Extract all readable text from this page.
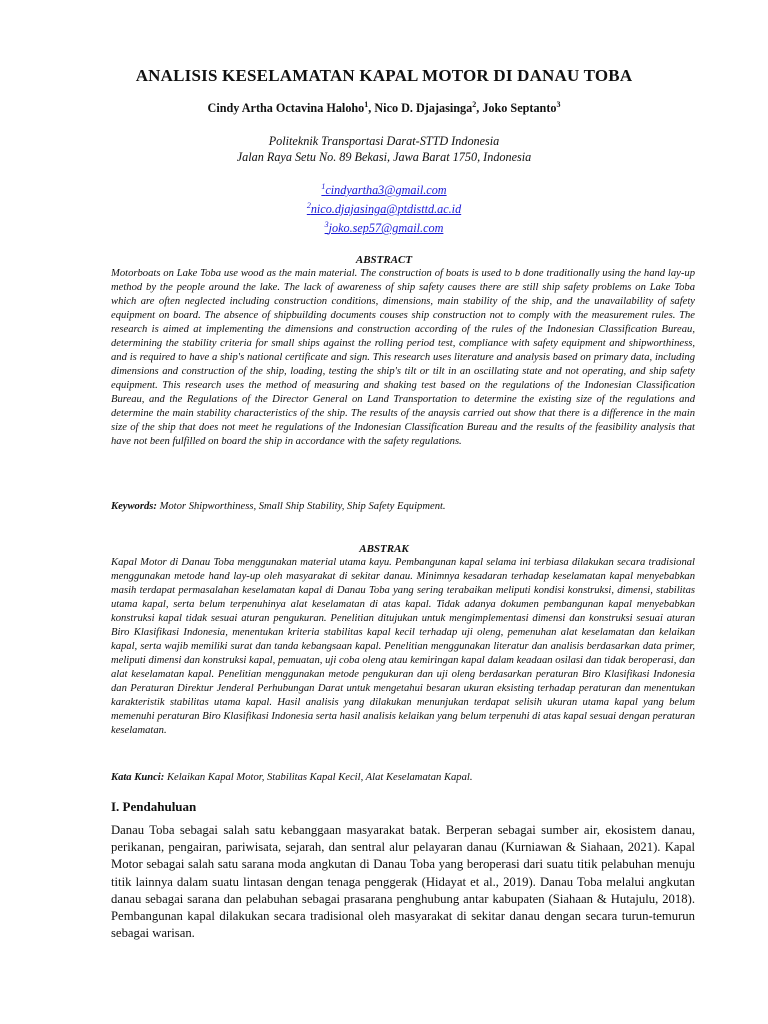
ANALISIS KESELAMATAN KAPAL MOTOR DI DANAU TOBA
Cindy Artha Octavina Haloho$^1$, Nico D. Djajasinga$^2$, Joko Septanto$^3$
Politeknik Transportasi Darat-STTD Indonesia
Jalan Raya Setu No. 89 Bekasi, Jawa Barat 1750, Indonesia
$^1$cindyartha3@gmail.com
$^2$nico.djajasinga@ptdisttd.ac.id
$^3$joko.sep57@gmail.com
ABSTRACT
Motorboats on Lake Toba use wood as the main material. The construction of boats is used to b done traditionally using the hand lay-up method by the people around the lake. The lack of awareness of ship safety causes there are still ship safety problems on Lake Toba which are often neglected including construction conditions, dimensions, main stability of the ship, and the unavailability of safety equipment on board. The absence of shipbuilding documents couses ship construction not to comply with the measurement rules. The research is aimed at implementing the dimensions and construction according of the rules of the Indonesian Classification Bureau, determining the stability criteria for small ships against the rolling period test, compliance with safety equipment and shipworthiness, and is required to have a ship's national certificate and sign. This research uses literature and analysis based on primary data, including dimensions and construction of the ship, loading, testing the ship's tilt or tilt in an oscillating state and not operating, and ship safety equipment. This research uses the method of measuring and shaking test based on the regulations of the Indonesian Classification Bureau, and the Regulations of the Director General on Land Transportation to determine the existing size of the regulations and determine the main stability characteristics of the ship. The results of the anaysis carried out show that there is a difference in the main size of the ship that does not meet he regulations of the Indonesian Classification Bureau and the results of the feasibility analysis that have not been fulfilled on board the ship in accordance with the safety regulations.
Keywords: Motor Shipworthiness, Small Ship Stability, Ship Safety Equipment.
ABSTRAK
Kapal Motor di Danau Toba menggunakan material utama kayu. Pembangunan kapal selama ini terbiasa dilakukan secara tradisional menggunakan metode hand lay-up oleh masyarakat di sekitar danau. Minimnya kesadaran terhadap keselamatan kapal menyebabkan masih terdapat permasalahan keselamatan kapal di Danau Toba yang sering terabaikan meliputi kondisi konstruksi, dimensi, stabilitas utama kapal, serta belum terpenuhinya alat keselamatan di atas kapal. Tidak adanya dokumen pembangunan kapal menyebabkan konstruksi kapal tidak sesuai aturan pengukuran. Penelitian ditujukan untuk mengimplementasi dimensi dan konstruksi sesuai aturan Biro Klasifikasi Indonesia, menentukan kriteria stabilitas kapal kecil terhadap uji oleng, pemenuhan alat keselamatan dan kelaikan kapal, serta wajib memiliki surat dan tanda kebangsaan kapal. Penelitian menggunakan literatur dan analisis berdasarkan data primer, meliputi dimensi dan konstruksi kapal, pemuatan, uji coba oleng atau kemiringan kapal dalam keadaan osilasi dan tidak beroperasi, dan alat keselamatan kapal. Penelitian menggunakan metode pengukuran dan uji oleng berdasarkan peraturan Biro Klasifikasi Indonesia dan Peraturan Direktur Jenderal Perhubungan Darat untuk mengetahui besaran ukuran eksisting terhadap peraturan dan menentukan karakteristik stabilitas utama kapal. Hasil analisis yang dilakukan menunjukan terdapat selisih ukuran utama kapal yang belum memenuhi peraturan Biro Klasifikasi Indonesia serta hasil analisis kelaikan yang belum terpenuhi di atas kapal sesuai dengan peraturan keselamatan.
Kata Kunci: Kelaikan Kapal Motor, Stabilitas Kapal Kecil, Alat Keselamatan Kapal.
I. Pendahuluan
Danau Toba sebagai salah satu kebanggaan masyarakat batak. Berperan sebagai sumber air, ekosistem danau, perikanan, pengairan, pariwisata, sejarah, dan sentral alur pelayaran danau (Kurniawan & Siahaan, 2021). Kapal Motor sebagai salah satu sarana moda angkutan di Danau Toba yang beroperasi dari suatu titik pelabuhan menuju titik lainnya dalam suatu lintasan dengan tenaga penggerak (Hidayat et al., 2019). Danau Toba melalui angkutan danau sebagai sarana dan pelabuhan sebagai prasarana penghubung antar kabupaten (Siahaan & Hutajulu, 2018). Pembangunan kapal dilakukan secara tradisional oleh masyarakat di sekitar danau dengan secara turun-temurun sebagai warisan.
